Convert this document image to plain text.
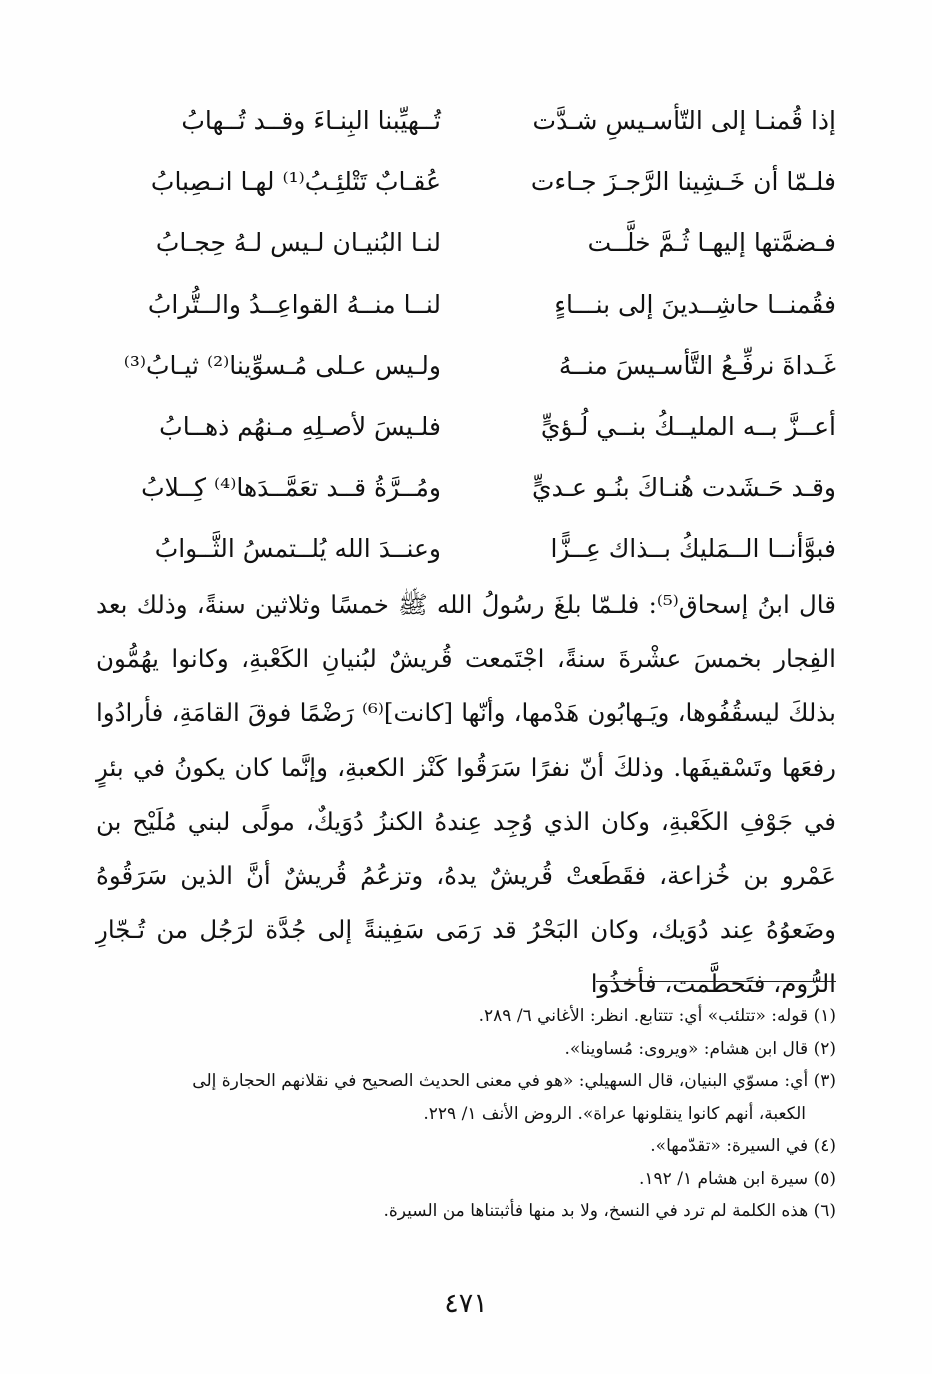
إذا قُمنـا إلى التّأسـيسِ شـدَّت
تُــهيِّبنا البِنـاءَ وقــد تُــهابُ
فلـمّا أن خَـشِينا الرَّجـزَ جـاءت
عُقـابٌ تَتْلئِـبُ⁽¹⁾ لهـا انـصِبابُ
فـضمَّتها إليهـا ثُـمَّ خلَّــت
لنـا البُنيـان لـيس لـهُ حِجـابُ
فقُمنــا حاشِــدينَ إلى بنـــاءٍ
لنــا منــهُ القواعِــدُ والــتُّرابُ
غَـداةَ نرفِّـعُ التَّأسـيسَ منــهُ
ولـيس عـلى مُـسوِّينا⁽²⁾ ثيـابُ⁽³⁾
أعــزَّ بــه المليــكُ بنــي لُـؤيٍّ
فلـيسَ لأصـلِهِ مـنهُم ذهــابُ
وقـد حَـشَدت هُنـاكَ بنُـو عـديٍّ
ومُــرَّةُ قــد تعَمَّــدَها⁽⁴⁾ كِــلابُ
فبوَّأنــا الــمَليكُ بــذاك عِــزًّا
وعنــدَ الله يُلــتمسُ الثَّــوابُ

قال ابنُ إسحاق⁽⁵⁾: فلـمّا بلغَ رسُولُ الله ﷺ خمسًا وثلاثين سنةً، وذلك بعد الفِجار بخمسَ عشْرةَ سنةً، اجْتَمعت قُريشٌ لبُنيانِ الكَعْبةِ، وكانوا يهُمُّون بذلكَ ليسقُفُوها، ويَـهابُون هَدْمها، وأنّها [كانت]⁽⁶⁾ رَضْمًا فوقَ القامَةِ، فأرادُوا رفعَها وتَسْقيفَها. وذلكَ أنّ نفرًا سَرَقُوا كَنْز الكعبةِ، وإنَّما كان يكونُ في بئرٍ في جَوْفِ الكَعْبةِ، وكان الذي وُجِد عِندهُ الكنزُ دُوَيكٌ، مولًى لبني مُلَيْح بن عَمْرو بن خُزاعة، فقَطَعتْ قُريشٌ يدهُ، وتزعُمُ قُريشٌ أنَّ الذين سَرَقُوهُ وضَعوُهُ عِند دُوَيك، وكان البَحْرُ قد رَمَى سَفِينةً إلى جُدَّة لرَجُل من تُـجّارِ الرُّوم، فتَحطَّمت، فأخذُوا

(١) قوله: «تتلئب» أي: تتتابع. انظر: الأغاني ٦/ ٢٨٩.
(٢) قال ابن هشام: «ويروى: مُساوينا».
(٣) أي: مسوّي البنيان، قال السهيلي: «هو في معنى الحديث الصحيح في نقلانهم الحجارة إلى
الكعبة، أنهم كانوا ينقلونها عراة». الروض الأنف ١/ ٢٢٩.
(٤) في السيرة: «تقدّمها».
(٥) سيرة ابن هشام ١/ ١٩٢.
(٦) هذه الكلمة لم ترد في النسخ، ولا بد منها فأثبتناها من السيرة.
٤٧١
